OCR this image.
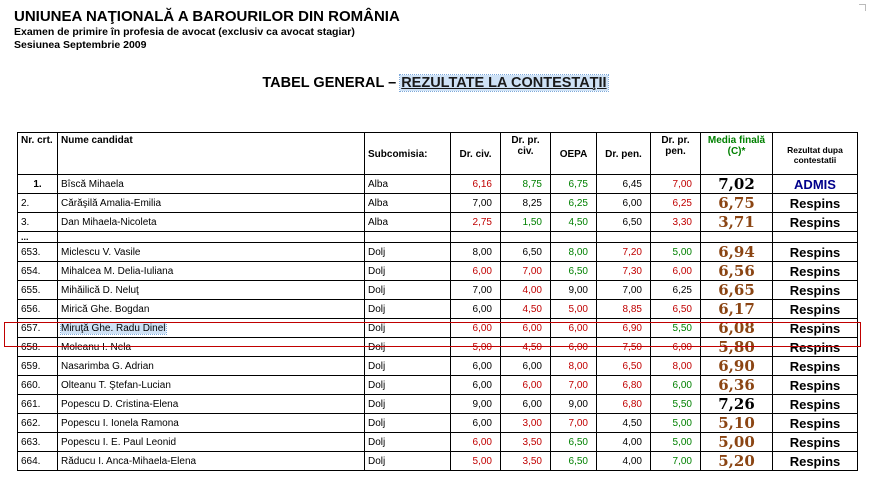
UNIUNEA NAŢIONALĂ A BAROURILOR DIN ROMÂNIA
Examen de primire în profesia de avocat (exclusiv ca avocat stagiar)
Sesiunea Septembrie 2009
TABEL GENERAL – REZULTATE LA CONTESTAŢII
Nr. crt.	Nume candidat	Subcomisia:	Dr. civ.	Dr. pr. civ.	OEPA	Dr. pen.	Dr. pr. pen.	Media finală (C)*	Rezultat dupa contestatii
1.	Bîscă Mihaela	Alba	6,16	8,75	6,75	6,45	7,00	7,02	ADMIS
2.	Cărăşilă Amalia-Emilia	Alba	7,00	8,25	6,25	6,00	6,25	6,75	Respins
3.	Dan Mihaela-Nicoleta	Alba	2,75	1,50	4,50	6,50	3,30	3,71	Respins
...									
653.	Miclescu V. Vasile	Dolj	8,00	6,50	8,00	7,20	5,00	6,94	Respins
654.	Mihalcea M. Delia-Iuliana	Dolj	6,00	7,00	6,50	7,30	6,00	6,56	Respins
655.	Mihăilică D. Neluţ	Dolj	7,00	4,00	9,00	7,00	6,25	6,65	Respins
656.	Mirică Ghe. Bogdan	Dolj	6,00	4,50	5,00	8,85	6,50	6,17	Respins
657.	Miruţă Ghe. Radu Dinel	Dolj	6,00	6,00	6,00	6,90	5,50	6,08	Respins
658.	Moleanu I. Nela	Dolj	5,00	4,50	6,00	7,50	6,00	5,80	Respins
659.	Nasarimba G. Adrian	Dolj	6,00	6,00	8,00	6,50	8,00	6,90	Respins
660.	Olteanu T. Ştefan-Lucian	Dolj	6,00	6,00	7,00	6,80	6,00	6,36	Respins
661.	Popescu D. Cristina-Elena	Dolj	9,00	6,00	9,00	6,80	5,50	7,26	Respins
662.	Popescu I. Ionela Ramona	Dolj	6,00	3,00	7,00	4,50	5,00	5,10	Respins
663.	Popescu I. E. Paul Leonid	Dolj	6,00	3,50	6,50	4,00	5,00	5,00	Respins
664.	Răducu I. Anca-Mihaela-Elena	Dolj	5,00	3,50	6,50	4,00	7,00	5,20	Respins
